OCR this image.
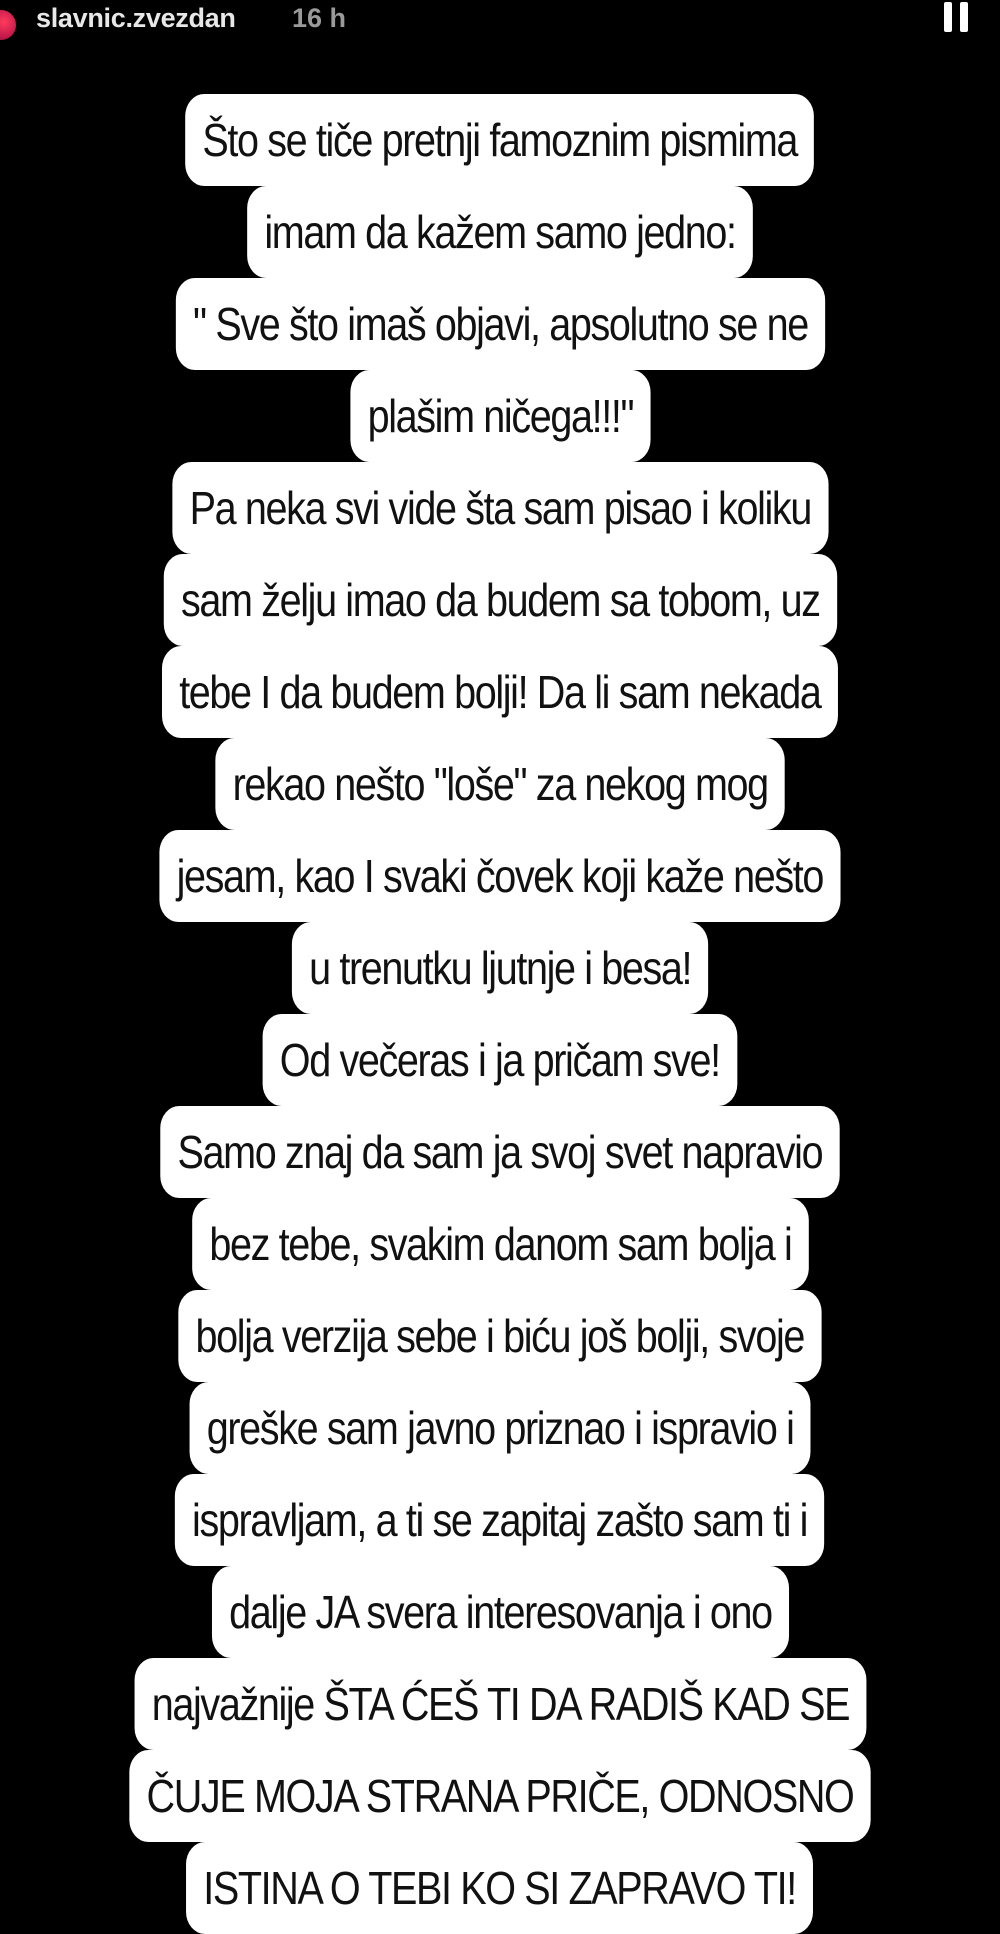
slavnic.zvezdan 16 h
Što se tiče pretnji famoznim pismima
imam da kažem samo jedno:
" Sve što imaš objavi, apsolutno se ne
plašim ničega!!!"
Pa neka svi vide šta sam pisao i koliku
sam želju imao da budem sa tobom, uz
tebe I da budem bolji! Da li sam nekada
rekao nešto "loše" za nekog mog
jesam, kao I svaki čovek koji kaže nešto
u trenutku ljutnje i besa!
Od večeras i ja pričam sve!
Samo znaj da sam ja svoj svet napravio
bez tebe, svakim danom sam bolja i
bolja verzija sebe i biću još bolji, svoje
greške sam javno priznao i ispravio i
ispravljam, a ti se zapitaj zašto sam ti i
dalje JA svera interesovanja i ono
najvažnije ŠTA ĆEŠ TI DA RADIŠ KAD SE
ČUJE MOJA STRANA PRIČE, ODNOSNO
ISTINA O TEBI KO SI ZAPRAVO TI!
